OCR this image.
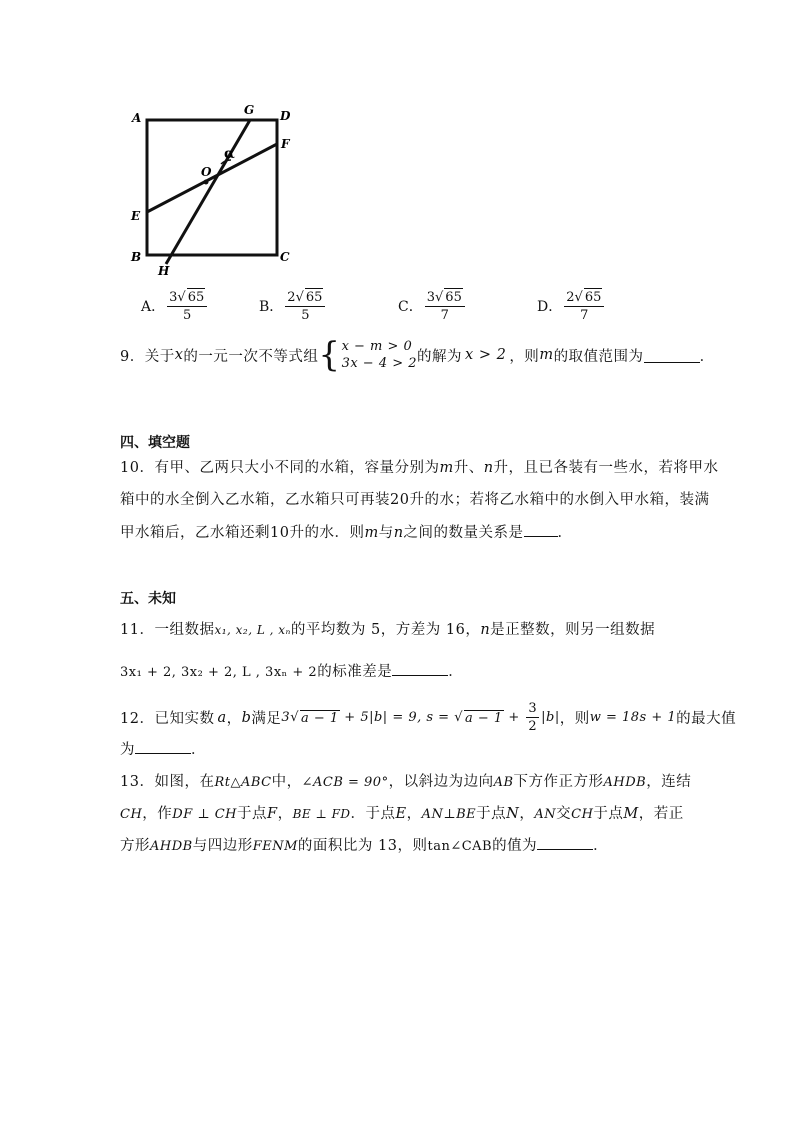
A
G D
F
O
α
E
B
H
C
A． $\frac{3√ 65}{5}$	B． $\frac{2√ 65}{5}$	C． $\frac{3√ 65}{7}$	D． $\frac{2√ 65}{7}$
9．关于 x 的一元一次不等式组 { x − m > 0
3x − 4 > 2 的解为 x > 2 ，则 m 的取值范围为	．
四、填空题
10．有甲、乙两只大小不同的水箱，容量分别为m升、n升，且已各装有一些水，若将甲水
箱中的水全倒入乙水箱，乙水箱只可再装20升的水；若将乙水箱中的水倒入甲水箱，装满
甲水箱后，乙水箱还剩10升的水．则m与n之间的数量关系是 ．
五、未知
11．一组数据x₁, x₂, L , xₙ的平均数为 5，方差为 16，n是正整数，则另一组数据
3x₁ + 2, 3x₂ + 2, L , 3xₙ + 2的标准差是	．
12．已知实数 a ， b 满足 3 √ a − 1 + 5|b| = 9, s = √ $a - 1 + \frac{3}{2} |b|$ ，则 w = 18s + 1 的最大值
为	．
13．如图，在Rt△ABC中，∠ACB = 90°，以斜边为边向AB下方作正方形AHDB，连结
CH，作DF ⊥ CH于点F，BE ⊥ FD．于点E，AN⊥BE于点N，AN交CH于点M，若正
方形AHDB与四边形FENM的面积比为 13，则tan∠CAB的值为	．
